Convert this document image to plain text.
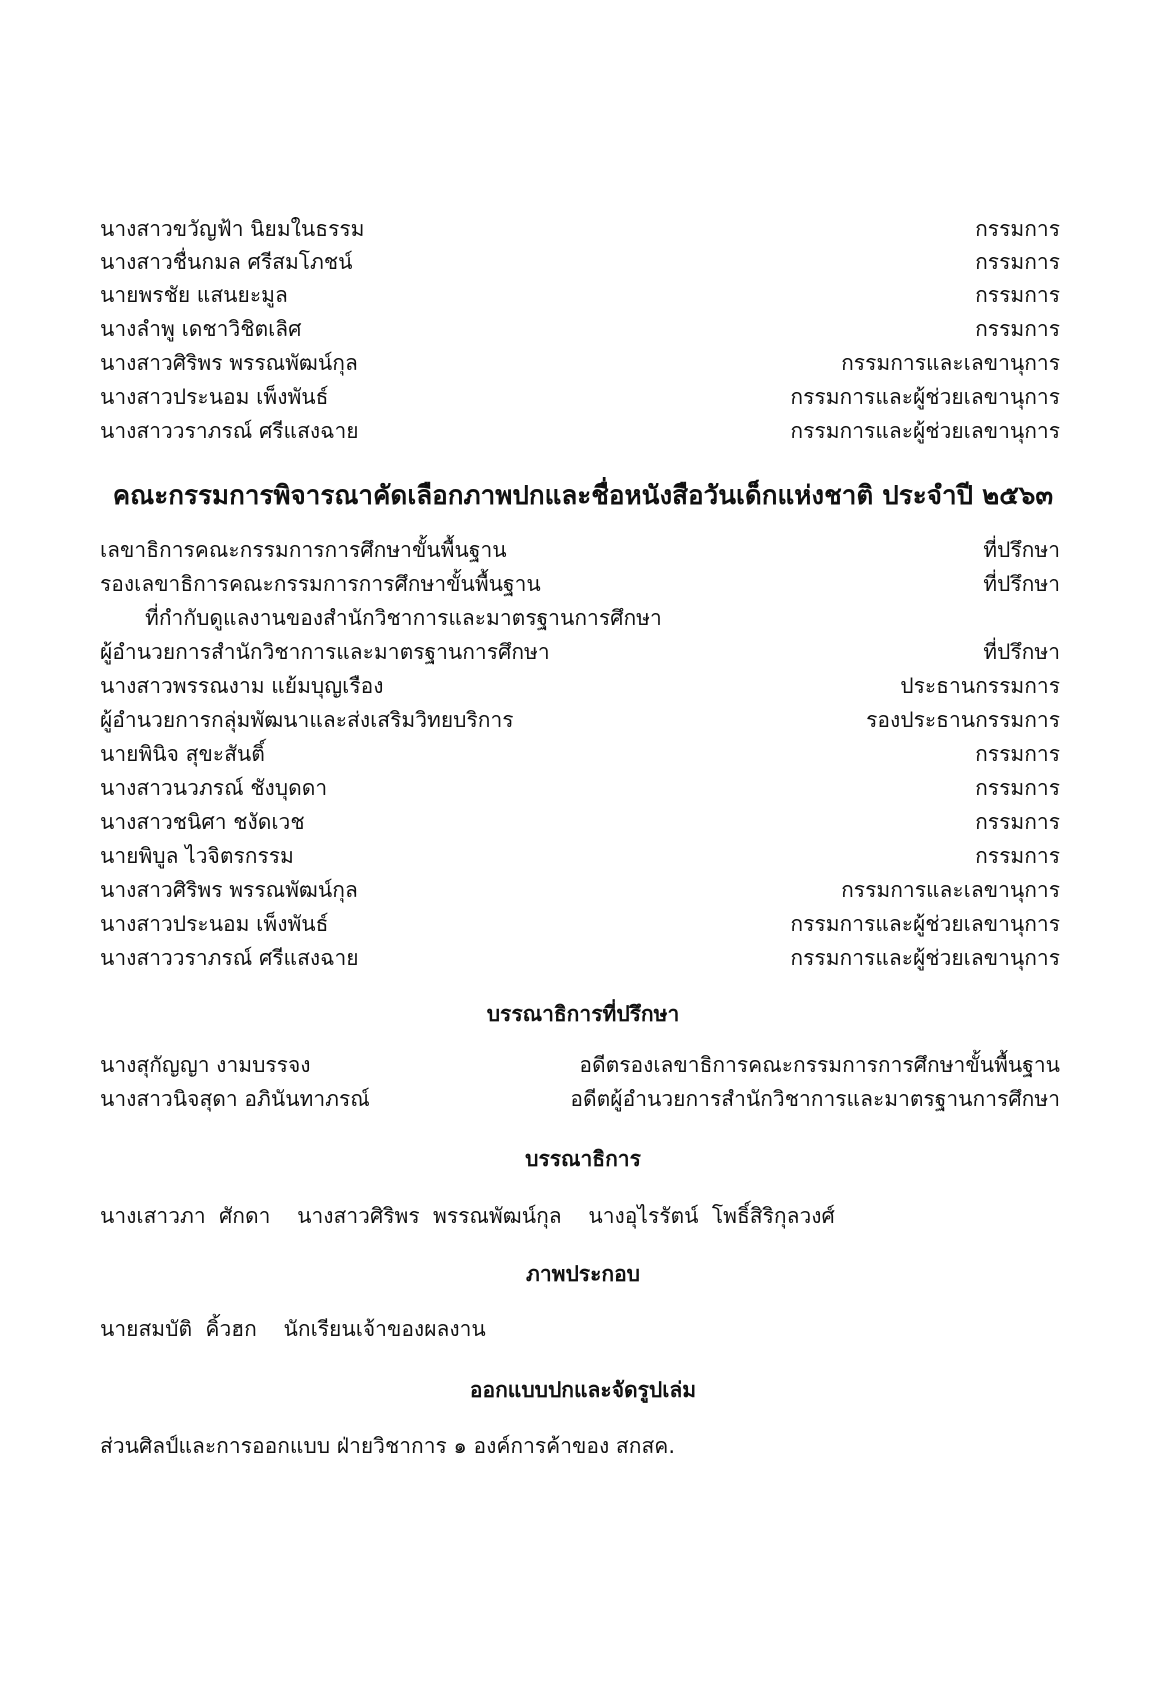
นางสาวขวัญฟ้า นิยมในธรรม	กรรมการ
นางสาวชื่นกมล ศรีสมโภชน์	กรรมการ
นายพรชัย แสนยะมูล	กรรมการ
นางลำพู เดชาวิชิตเลิศ	กรรมการ
นางสาวศิริพร พรรณพัฒน์กุล	กรรมการและเลขานุการ
นางสาวประนอม เพ็งพันธ์	กรรมการและผู้ช่วยเลขานุการ
นางสาววราภรณ์ ศรีแสงฉาย	กรรมการและผู้ช่วยเลขานุการ
คณะกรรมการพิจารณาคัดเลือกภาพปกและชื่อหนังสือวันเด็กแห่งชาติ ประจำปี ๒๕๖๓
เลขาธิการคณะกรรมการการศึกษาขั้นพื้นฐาน	ที่ปรึกษา
รองเลขาธิการคณะกรรมการการศึกษาขั้นพื้นฐาน	ที่ปรึกษา
ที่กำกับดูแลงานของสำนักวิชาการและมาตรฐานการศึกษา
ผู้อำนวยการสำนักวิชาการและมาตรฐานการศึกษา	ที่ปรึกษา
นางสาวพรรณงาม แย้มบุญเรือง	ประธานกรรมการ
ผู้อำนวยการกลุ่มพัฒนาและส่งเสริมวิทยบริการ	รองประธานกรรมการ
นายพินิจ สุขะสันติ์	กรรมการ
นางสาวนวภรณ์ ชังบุดดา	กรรมการ
นางสาวชนิศา ชงัดเวช	กรรมการ
นายพิบูล ไวจิตรกรรม	กรรมการ
นางสาวศิริพร พรรณพัฒน์กุล	กรรมการและเลขานุการ
นางสาวประนอม เพ็งพันธ์	กรรมการและผู้ช่วยเลขานุการ
นางสาววราภรณ์ ศรีแสงฉาย	กรรมการและผู้ช่วยเลขานุการ
บรรณาธิการที่ปรึกษา
นางสุกัญญา งามบรรจง	อดีตรองเลขาธิการคณะกรรมการการศึกษาขั้นพื้นฐาน
นางสาวนิจสุดา อภินันทาภรณ์	อดีตผู้อำนวยการสำนักวิชาการและมาตรฐานการศึกษา
บรรณาธิการ
นางเสาวภา  ศักดา    นางสาวศิริพร  พรรณพัฒน์กุล    นางอุไรรัตน์  โพธิ์สิริกุลวงศ์
ภาพประกอบ
นายสมบัติ  คิ้วฮก    นักเรียนเจ้าของผลงาน
ออกแบบปกและจัดรูปเล่ม
ส่วนศิลป์และการออกแบบ ฝ่ายวิชาการ ๑ องค์การค้าของ สกสค.
